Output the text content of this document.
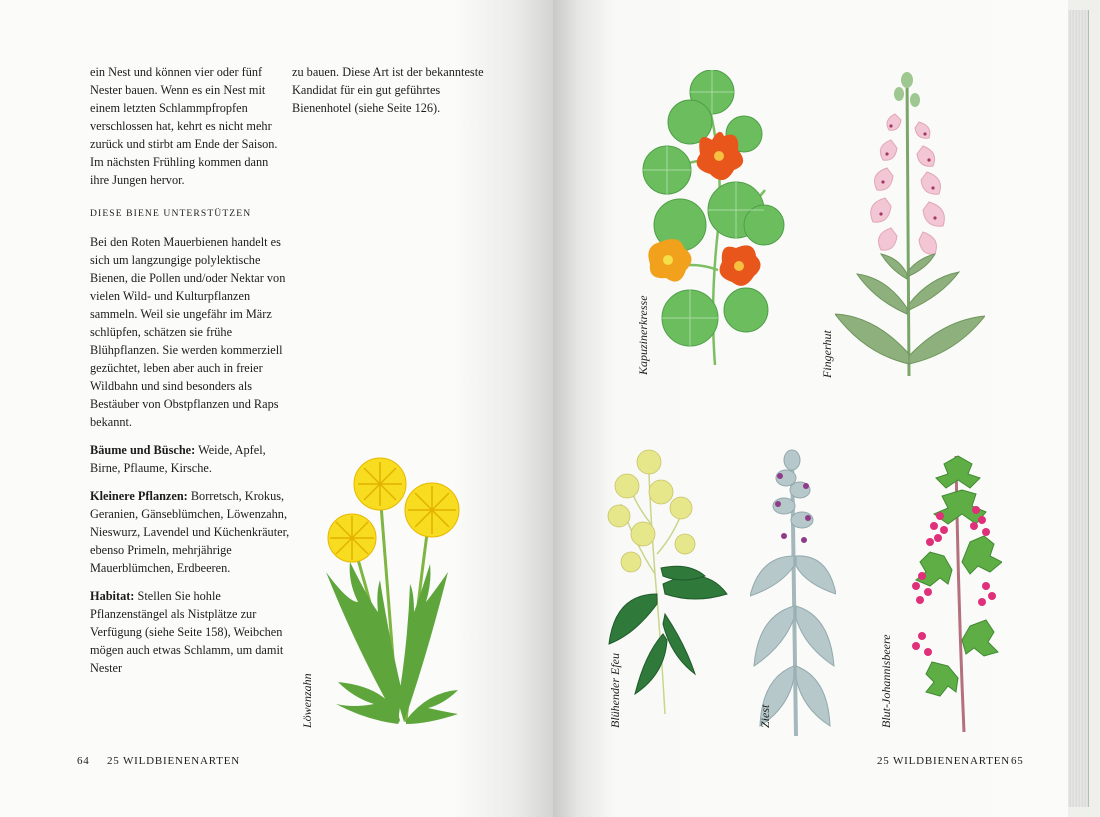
ein Nest und können vier oder fünf Nester bauen. Wenn es ein Nest mit einem letzten Schlammpfropfen verschlossen hat, kehrt es nicht mehr zurück und stirbt am Ende der Saison. Im nächsten Frühling kommen dann ihre Jungen hervor.

DIESE BIENE UNTERSTÜTZEN

Bei den Roten Mauerbienen handelt es sich um langzungige polylektische Bienen, die Pollen und/oder Nektar von vielen Wild- und Kulturpflanzen sammeln. Weil sie ungefähr im März schlüpfen, schätzen sie frühe Blühpflanzen. Sie werden kommerziell gezüchtet, leben aber auch in freier Wildbahn und sind besonders als Bestäuber von Obstpflanzen und Raps bekannt.

Bäume und Büsche: Weide, Apfel, Birne, Pflaume, Kirsche.

Kleinere Pflanzen: Borretsch, Krokus, Geranien, Gänseblümchen, Löwenzahn, Nieswurz, Lavendel und Küchenkräuter, ebenso Primeln, mehrjährige Mauerblümchen, Erdbeeren.

Habitat: Stellen Sie hohle Pflanzenstängel als Nistplätze zur Verfügung (siehe Seite 158), Weibchen mögen auch etwas Schlamm, um damit Nester

zu bauen. Diese Art ist der bekannteste Kandidat für ein gut geführtes Bienenhotel (siehe Seite 126).

Löwenzahn
64 25 WILDBIENENARTEN
Kapuzinerkresse	Fingerhut
Blühender Efeu	Ziest	Blut-Johannisbeere
25 WILDBIENENARTEN 65
